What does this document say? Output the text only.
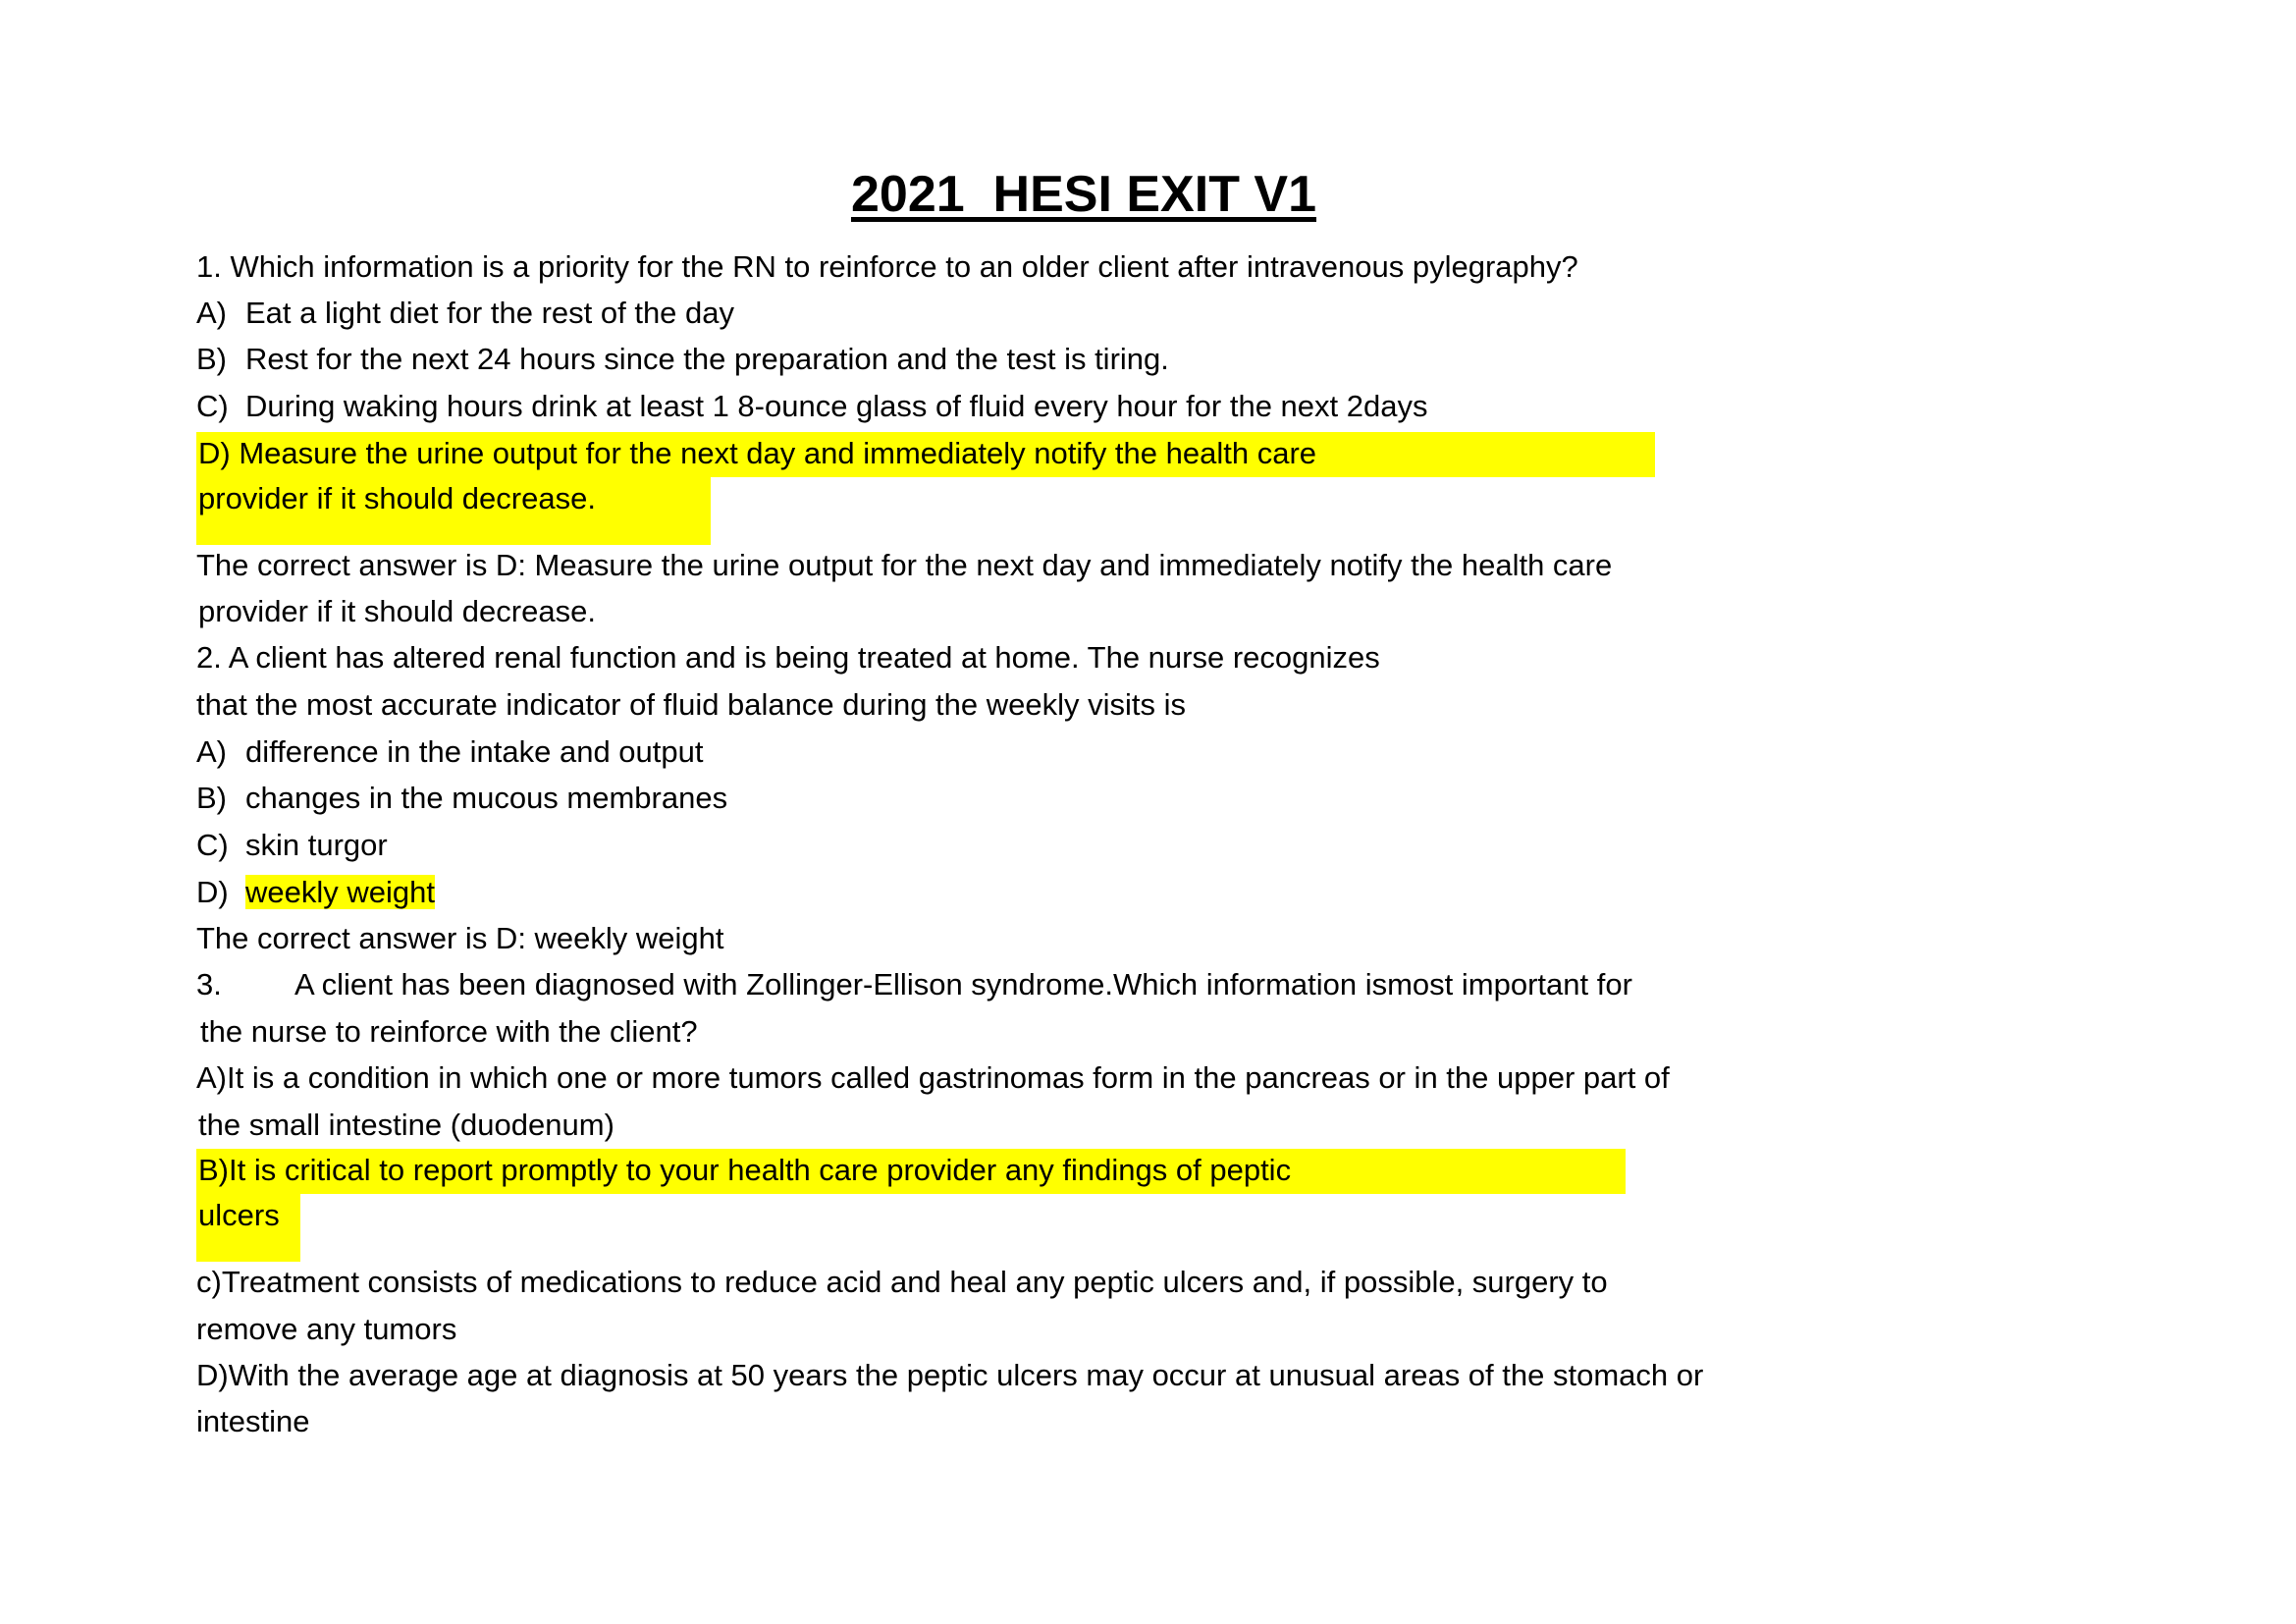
2021  HESI EXIT V1
1. Which information is a priority for the RN to reinforce to an older client after intravenous pylegraphy?
A) Eat a light diet for the rest of the day
B) Rest for the next 24 hours since the preparation and the test is tiring.
C) During waking hours drink at least 1 8-ounce glass of fluid every hour for the next 2days
D) Measure the urine output for the next day and immediately notify the health care
provider if it should decrease.
The correct answer is D: Measure the urine output for the next day and immediately notify the health care
provider if it should decrease.
2. A client has altered renal function and is being treated at home. The nurse recognizes
that the most accurate indicator of fluid balance during the weekly visits is
A) difference in the intake and output
B) changes in the mucous membranes
C) skin turgor
D) weekly weight
The correct answer is D: weekly weight
3. A client has been diagnosed with Zollinger-Ellison syndrome.Which information ismost important for
the nurse to reinforce with the client?
A)It is a condition in which one or more tumors called gastrinomas form in the pancreas or in the upper part of
the small intestine (duodenum)
B)It is critical to report promptly to your health care provider any findings of peptic
ulcers
c)Treatment consists of medications to reduce acid and heal any peptic ulcers and, if possible, surgery to
remove any tumors
D)With the average age at diagnosis at 50 years the peptic ulcers may occur at unusual areas of the stomach or
intestine
